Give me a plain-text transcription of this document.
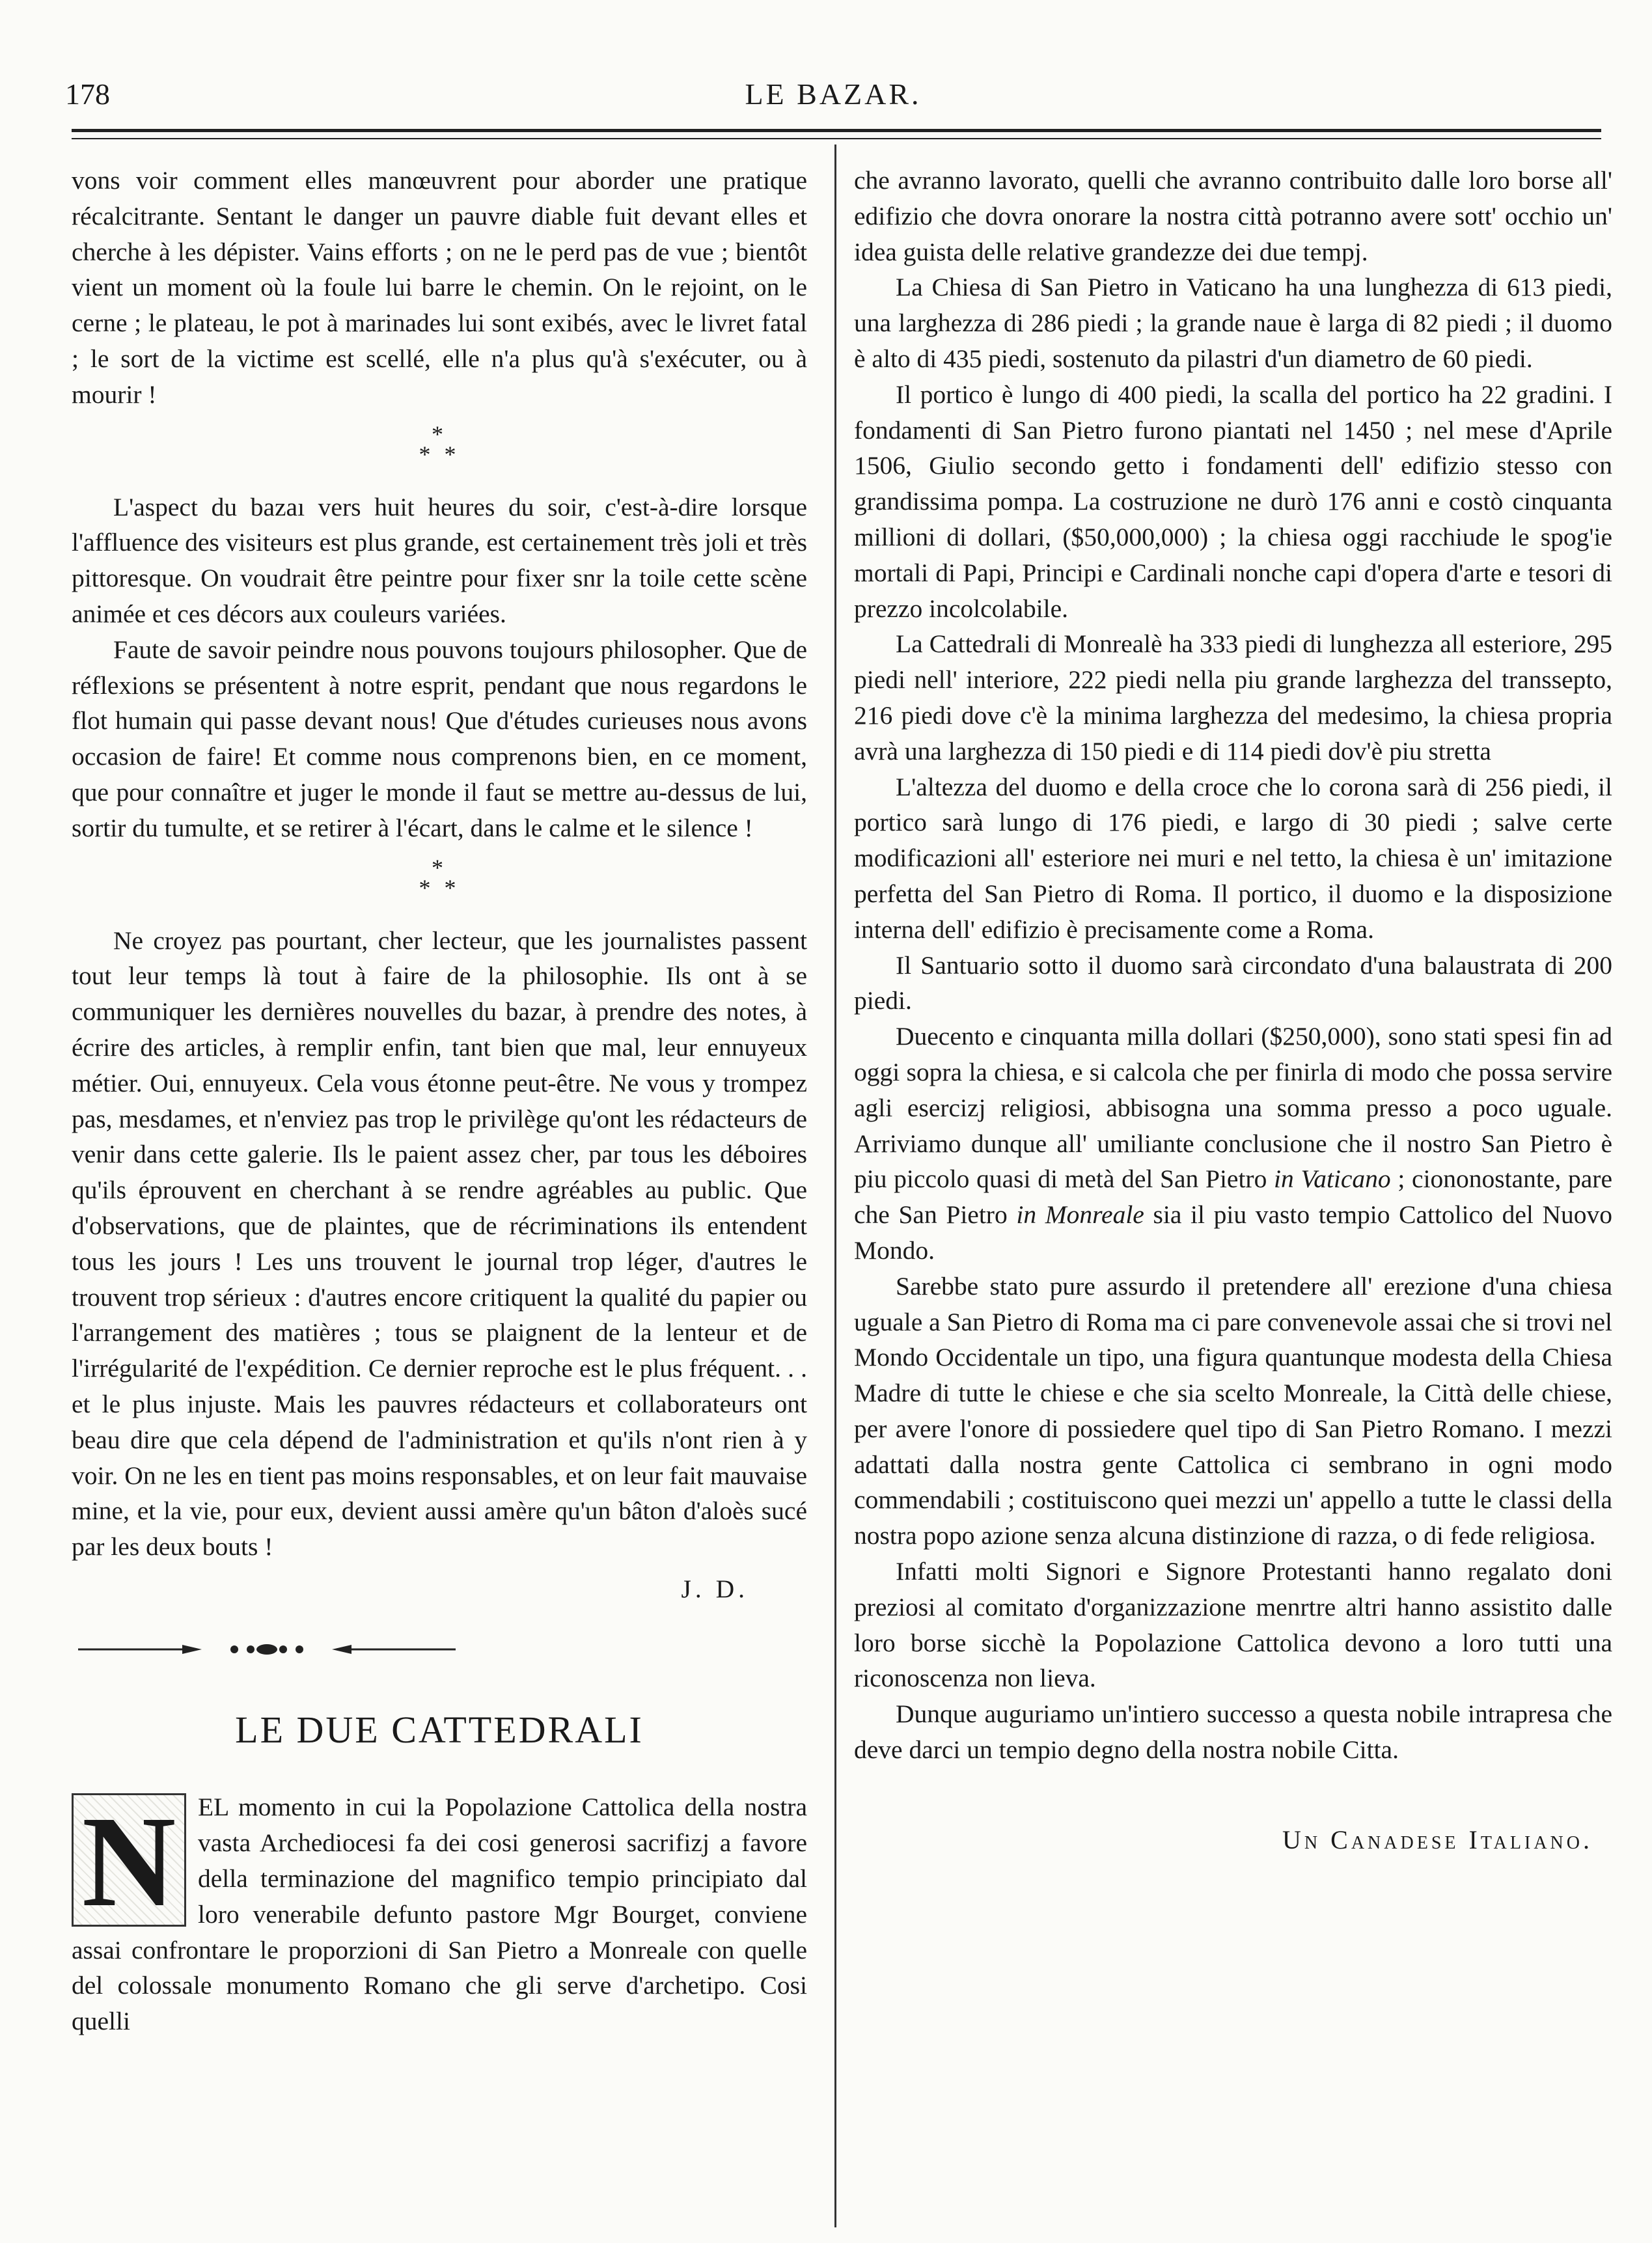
178	LE BAZAR.

vons voir comment elles manœuvrent pour aborder une pratique récalcitrante. Sentant le danger un pauvre diable fuit devant elles et cherche à les dépister. Vains efforts ; on ne le perd pas de vue ; bientôt vient un moment où la foule lui barre le chemin. On le rejoint, on le cerne ; le plateau, le pot à marinades lui sont exibés, avec le livret fatal ; le sort de la victime est scellé, elle n'a plus qu'à s'exécuter, ou à mourir !

*
* *

L'aspect du bazaı vers huit heures du soir, c'est-à-dire lorsque l'affluence des visiteurs est plus grande, est certainement très joli et très pittoresque. On voudrait être peintre pour fixer snr la toile cette scène animée et ces décors aux couleurs variées.

Faute de savoir peindre nous pouvons toujours philosopher. Que de réflexions se présentent à notre esprit, pendant que nous regardons le flot humain qui passe devant nous! Que d'études curieuses nous avons occasion de faire! Et comme nous comprenons bien, en ce moment, que pour connaître et juger le monde il faut se mettre au-dessus de lui, sortir du tumulte, et se retirer à l'écart, dans le calme et le silence !

*
* *

Ne croyez pas pourtant, cher lecteur, que les journalistes passent tout leur temps là tout à faire de la philosophie. Ils ont à se communiquer les dernières nouvelles du bazar, à prendre des notes, à écrire des articles, à remplir enfin, tant bien que mal, leur ennuyeux métier. Oui, ennuyeux. Cela vous étonne peut-être. Ne vous y trompez pas, mesdames, et n'enviez pas trop le privilège qu'ont les rédacteurs de venir dans cette galerie. Ils le paient assez cher, par tous les déboires qu'ils éprouvent en cherchant à se rendre agréables au public. Que d'observations, que de plaintes, que de récriminations ils entendent tous les jours ! Les uns trouvent le journal trop léger, d'autres le trouvent trop sérieux : d'autres encore critiquent la qualité du papier ou l'arrangement des matières ; tous se plaignent de la lenteur et de l'irrégularité de l'expédition. Ce dernier reproche est le plus fréquent. . . et le plus injuste. Mais les pauvres rédacteurs et collaborateurs ont beau dire que cela dépend de l'administration et qu'ils n'ont rien à y voir. On ne les en tient pas moins responsables, et on leur fait mauvaise mine, et la vie, pour eux, devient aussi amère qu'un bâton d'aloès sucé par les deux bouts !

J. D.
LE DUE CATTEDRALI
N EL momento in cui la Popolazione Cattolica della nostra vasta Archediocesi fa dei cosi generosi sacrifizj a favore della terminazione del magnifico tempio principiato dal loro venerabile defunto pastore Mgr Bourget, conviene assai confrontare le proporzioni di San Pietro a Monreale con quelle del colossale monumento Romano che gli serve d'archetipo. Cosi quelli

che avranno lavorato, quelli che avranno contribuito dalle loro borse all' edifizio che dovra onorare la nostra città potranno avere sott' occhio un' idea guista delle relative grandezze dei due tempj.

La Chiesa di San Pietro in Vaticano ha una lunghezza di 613 piedi, una larghezza di 286 piedi ; la grande naue è larga di 82 piedi ; il duomo è alto di 435 piedi, sostenuto da pilastri d'un diametro de 60 piedi.

Il portico è lungo di 400 piedi, la scalla del portico ha 22 gradini. I fondamenti di San Pietro furono piantati nel 1450 ; nel mese d'Aprile 1506, Giulio secondo getto i fondamenti dell' edifizio stesso con grandissima pompa. La costruzione ne durò 176 anni e costò cinquanta millioni di dollari, ($50,000,000) ; la chiesa oggi racchiude le spog'ie mortali di Papi, Principi e Cardinali nonche capi d'opera d'arte e tesori di prezzo incolcolabile.

La Cattedrali di Monrealè ha 333 piedi di lunghezza all esteriore, 295 piedi nell' interiore, 222 piedi nella piu grande larghezza del transsepto, 216 piedi dove c'è la minima larghezza del medesimo, la chiesa propria avrà una larghezza di 150 piedi e di 114 piedi dov'è piu stretta

L'altezza del duomo e della croce che lo corona sarà di 256 piedi, il portico sarà lungo di 176 piedi, e largo di 30 piedi ; salve certe modificazioni all' esteriore nei muri e nel tetto, la chiesa è un' imitazione perfetta del San Pietro di Roma. Il portico, il duomo e la disposizione interna dell' edifizio è precisamente come a Roma.

Il Santuario sotto il duomo sarà circondato d'una balaustrata di 200 piedi.

Duecento e cinquanta milla dollari ($250,000), sono stati spesi fin ad oggi sopra la chiesa, e si calcola che per finirla di modo che possa servire agli esercizj religiosi, abbisogna una somma presso a poco uguale. Arriviamo dunque all' umiliante conclusione che il nostro San Pietro è piu piccolo quasi di metà del San Pietro in Vaticano ; ciononostante, pare che San Pietro in Monreale sia il piu vasto tempio Cattolico del Nuovo Mondo.

Sarebbe stato pure assurdo il pretendere all' erezione d'una chiesa uguale a San Pietro di Roma ma ci pare convenevole assai che si trovi nel Mondo Occidentale un tipo, una figura quantunque modesta della Chiesa Madre di tutte le chiese e che sia scelto Monreale, la Città delle chiese, per avere l'onore di possiedere quel tipo di San Pietro Romano. I mezzi adattati dalla nostra gente Cattolica ci sembrano in ogni modo commendabili ; costituiscono quei mezzi un' appello a tutte le classi della nostra popo azione senza alcuna distinzione di razza, o di fede religiosa.

Infatti molti Signori e Signore Protestanti hanno regalato doni preziosi al comitato d'organizzazione menrtre altri hanno assistito dalle loro borse sicchè la Popolazione Cattolica devono a loro tutti una riconoscenza non lieva.

Dunque auguriamo un'intiero successo a questa nobile intrapresa che deve darci un tempio degno della nostra nobile Citta.

Un Canadese Italiano.
